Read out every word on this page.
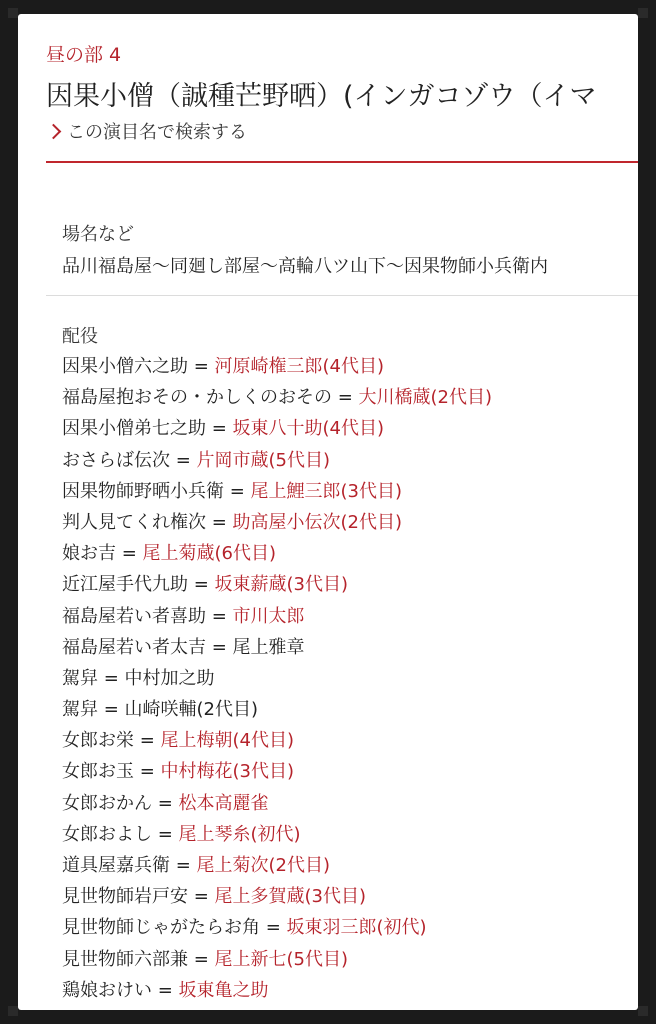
昼の部 4
因果小僧（誠種芒野晒）(インガコゾウ（イマ
この演目名で検索する
場名など
品川福島屋〜同廻し部屋〜高輪八ツ山下〜因果物師小兵衛内
配役
因果小僧六之助 = 河原崎権三郎(4代目)
福島屋抱おその・かしくのおその = 大川橋蔵(2代目)
因果小僧弟七之助 = 坂東八十助(4代目)
おさらば伝次 = 片岡市蔵(5代目)
因果物師野晒小兵衛 = 尾上鯉三郎(3代目)
判人見てくれ権次 = 助高屋小伝次(2代目)
娘お吉 = 尾上菊蔵(6代目)
近江屋手代九助 = 坂東薪蔵(3代目)
福島屋若い者喜助 = 市川太郎
福島屋若い者太吉 = 尾上雅章
駕舁 = 中村加之助
駕舁 = 山崎咲輔(2代目)
女郎お栄 = 尾上梅朝(4代目)
女郎お玉 = 中村梅花(3代目)
女郎おかん = 松本高麗雀
女郎およし = 尾上琴糸(初代)
道具屋嘉兵衛 = 尾上菊次(2代目)
見世物師岩戸安 = 尾上多賀蔵(3代目)
見世物師じゃがたらお角 = 坂東羽三郎(初代)
見世物師六部兼 = 尾上新七(5代目)
鶏娘おけい = 坂東亀之助
